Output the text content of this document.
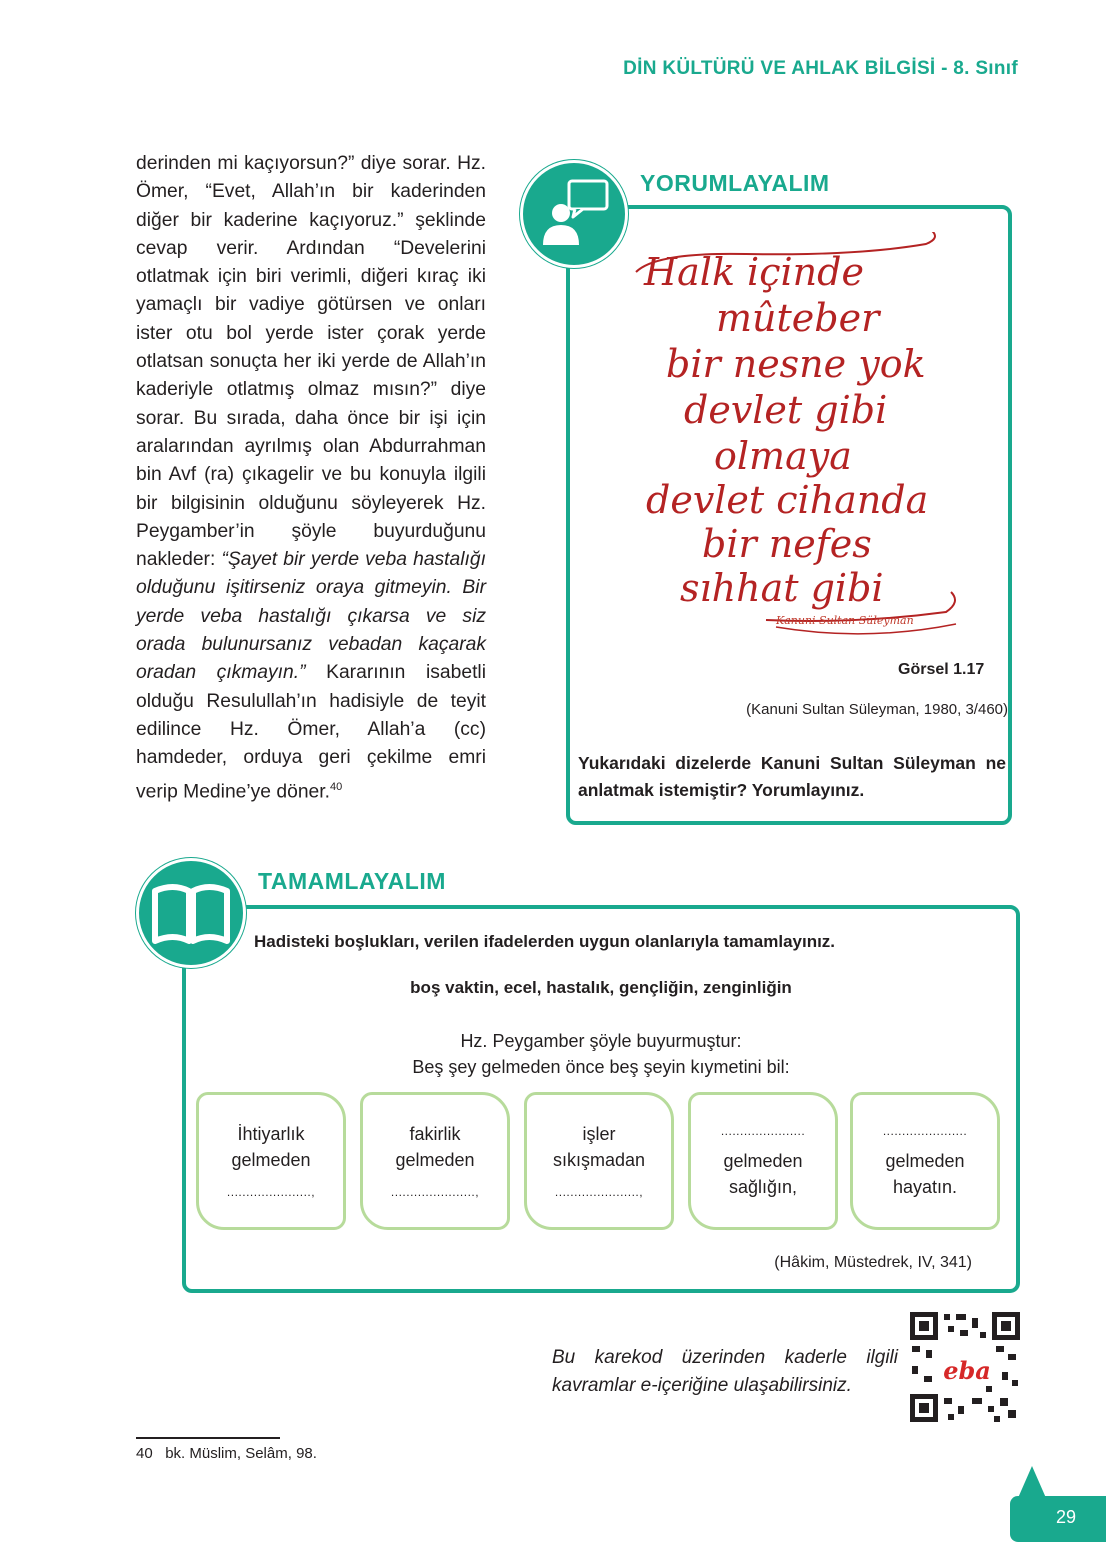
DİN KÜLTÜRÜ VE AHLAK BİLGİSİ - 8. Sınıf
derinden mi kaçıyorsun?” diye sorar. Hz. Ömer, “Evet, Allah’ın bir kaderinden diğer bir kaderine kaçıyoruz.” şeklinde cevap verir. Ardından “Develerini otlatmak için biri verimli, diğeri kıraç iki yamaçlı bir vadiye götürsen ve onları ister otu bol yerde ister çorak yerde otlatsan sonuçta her iki yerde de Allah’ın kaderiyle otlatmış olmaz mısın?” diye sorar. Bu sırada, daha önce bir işi için aralarından ayrılmış olan Abdurrahman bin Avf (ra) çıkagelir ve bu konuyla ilgili bir bilgisinin olduğunu söyleyerek Hz. Peygamber’in şöyle buyurduğunu nakleder: “Şayet bir yerde veba hastalığı olduğunu işitirseniz oraya gitmeyin. Bir yerde veba hastalığı çıkarsa ve siz orada bulunursanız vebadan kaçarak oradan çıkmayın.” Kararının isabetli olduğu Resulullah’ın hadisiyle de teyit edilince Hz. Ömer, Allah’a (cc) hamdeder, orduya geri çekilme emri verip Medine’ye döner.$^{40}$
YORUMLAYALIM
Halk içinde
mûteber
bir nesne yok
devlet gibi
olmaya
devlet cihanda
bir nefes
sıhhat gibi
Kanuni Sultan Süleyman
Görsel 1.17
(Kanuni Sultan Süleyman, 1980, 3/460)
Yukarıdaki dizelerde Kanuni Sultan Süleyman ne anlatmak istemiştir? Yorumlayınız.
TAMAMLAYALIM
Hadisteki boşlukları, verilen ifadelerden uygun olanlarıyla tamamlayınız.
boş vaktin, ecel, hastalık, gençliğin, zenginliğin
Hz. Peygamber şöyle buyurmuştur:
Beş şey gelmeden önce beş şeyin kıymetini bil:
İhtiyarlık
gelmeden
......................,
fakirlik
gelmeden
......................,
işler
sıkışmadan
......................,
......................
gelmeden
sağlığın,
......................
gelmeden
hayatın.
(Hâkim, Müstedrek, IV, 341)
Bu karekod üzerinden kaderle ilgili kavramlar e-içeriğine ulaşabilirsiniz.
eba
40 bk. Müslim, Selâm, 98.
29
